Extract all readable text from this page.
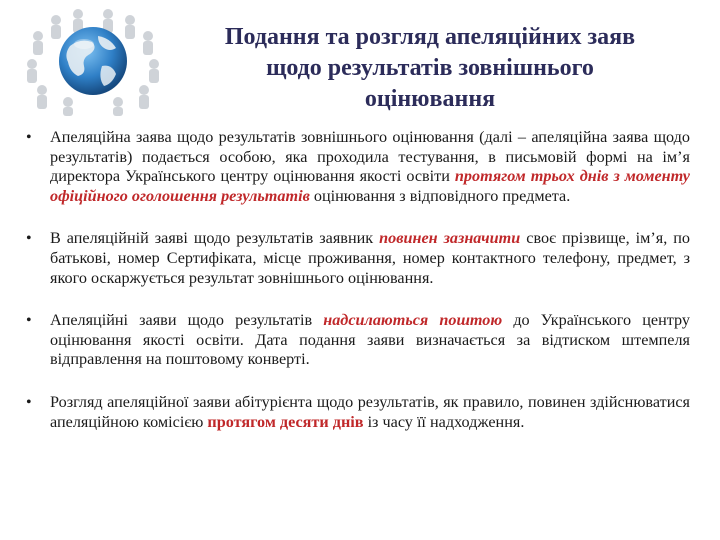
Подання та розгляд апеляційних заяв
щодо результатів зовнішнього
оцінювання
• Апеляційна заява щодо результатів зовнішнього оцінювання (далі – апеляційна заява щодо результатів) подається особою, яка проходила тестування, в письмовій формі на ім’я директора Українського центру оцінювання якості освіти протягом трьох днів з моменту офіційного оголошення результатів оцінювання з відповідного предмета.
• В апеляційній заяві щодо результатів заявник повинен зазначити своє прізвище, ім’я, по батькові, номер Сертифіката, місце проживання, номер контактного телефону, предмет, з якого оскаржується результат зовнішнього оцінювання.
• Апеляційні заяви щодо результатів надсилаються поштою до Українського центру оцінювання якості освіти. Дата подання заяви визначається за відтиском штемпеля відправлення на поштовому конверті.
• Розгляд апеляційної заяви абітурієнта щодо результатів, як правило, повинен здійснюватися апеляційною комісією протягом десяти днів із часу її надходження.
